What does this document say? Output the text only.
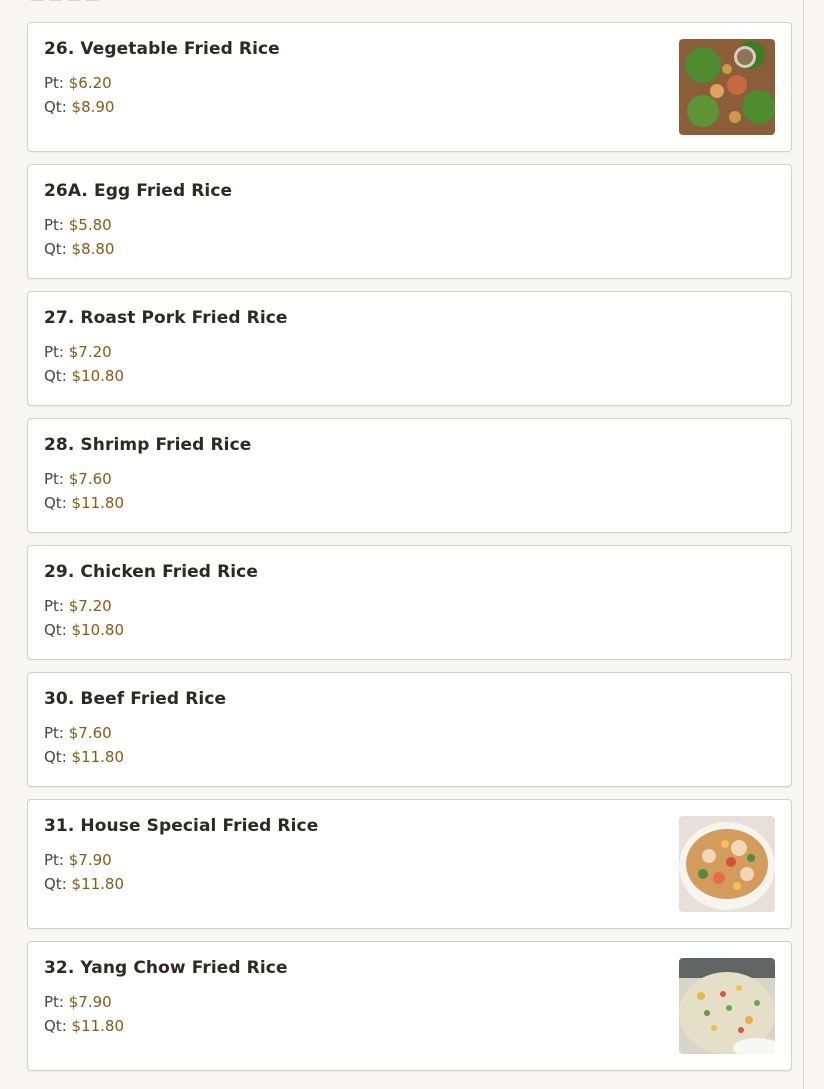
— — — —
26. Vegetable Fried Rice
Pt: $6.20
Qt: $8.90
26A. Egg Fried Rice
Pt: $5.80
Qt: $8.80
27. Roast Pork Fried Rice
Pt: $7.20
Qt: $10.80
28. Shrimp Fried Rice
Pt: $7.60
Qt: $11.80
29. Chicken Fried Rice
Pt: $7.20
Qt: $10.80
30. Beef Fried Rice
Pt: $7.60
Qt: $11.80
31. House Special Fried Rice
Pt: $7.90
Qt: $11.80
32. Yang Chow Fried Rice
Pt: $7.90
Qt: $11.80
